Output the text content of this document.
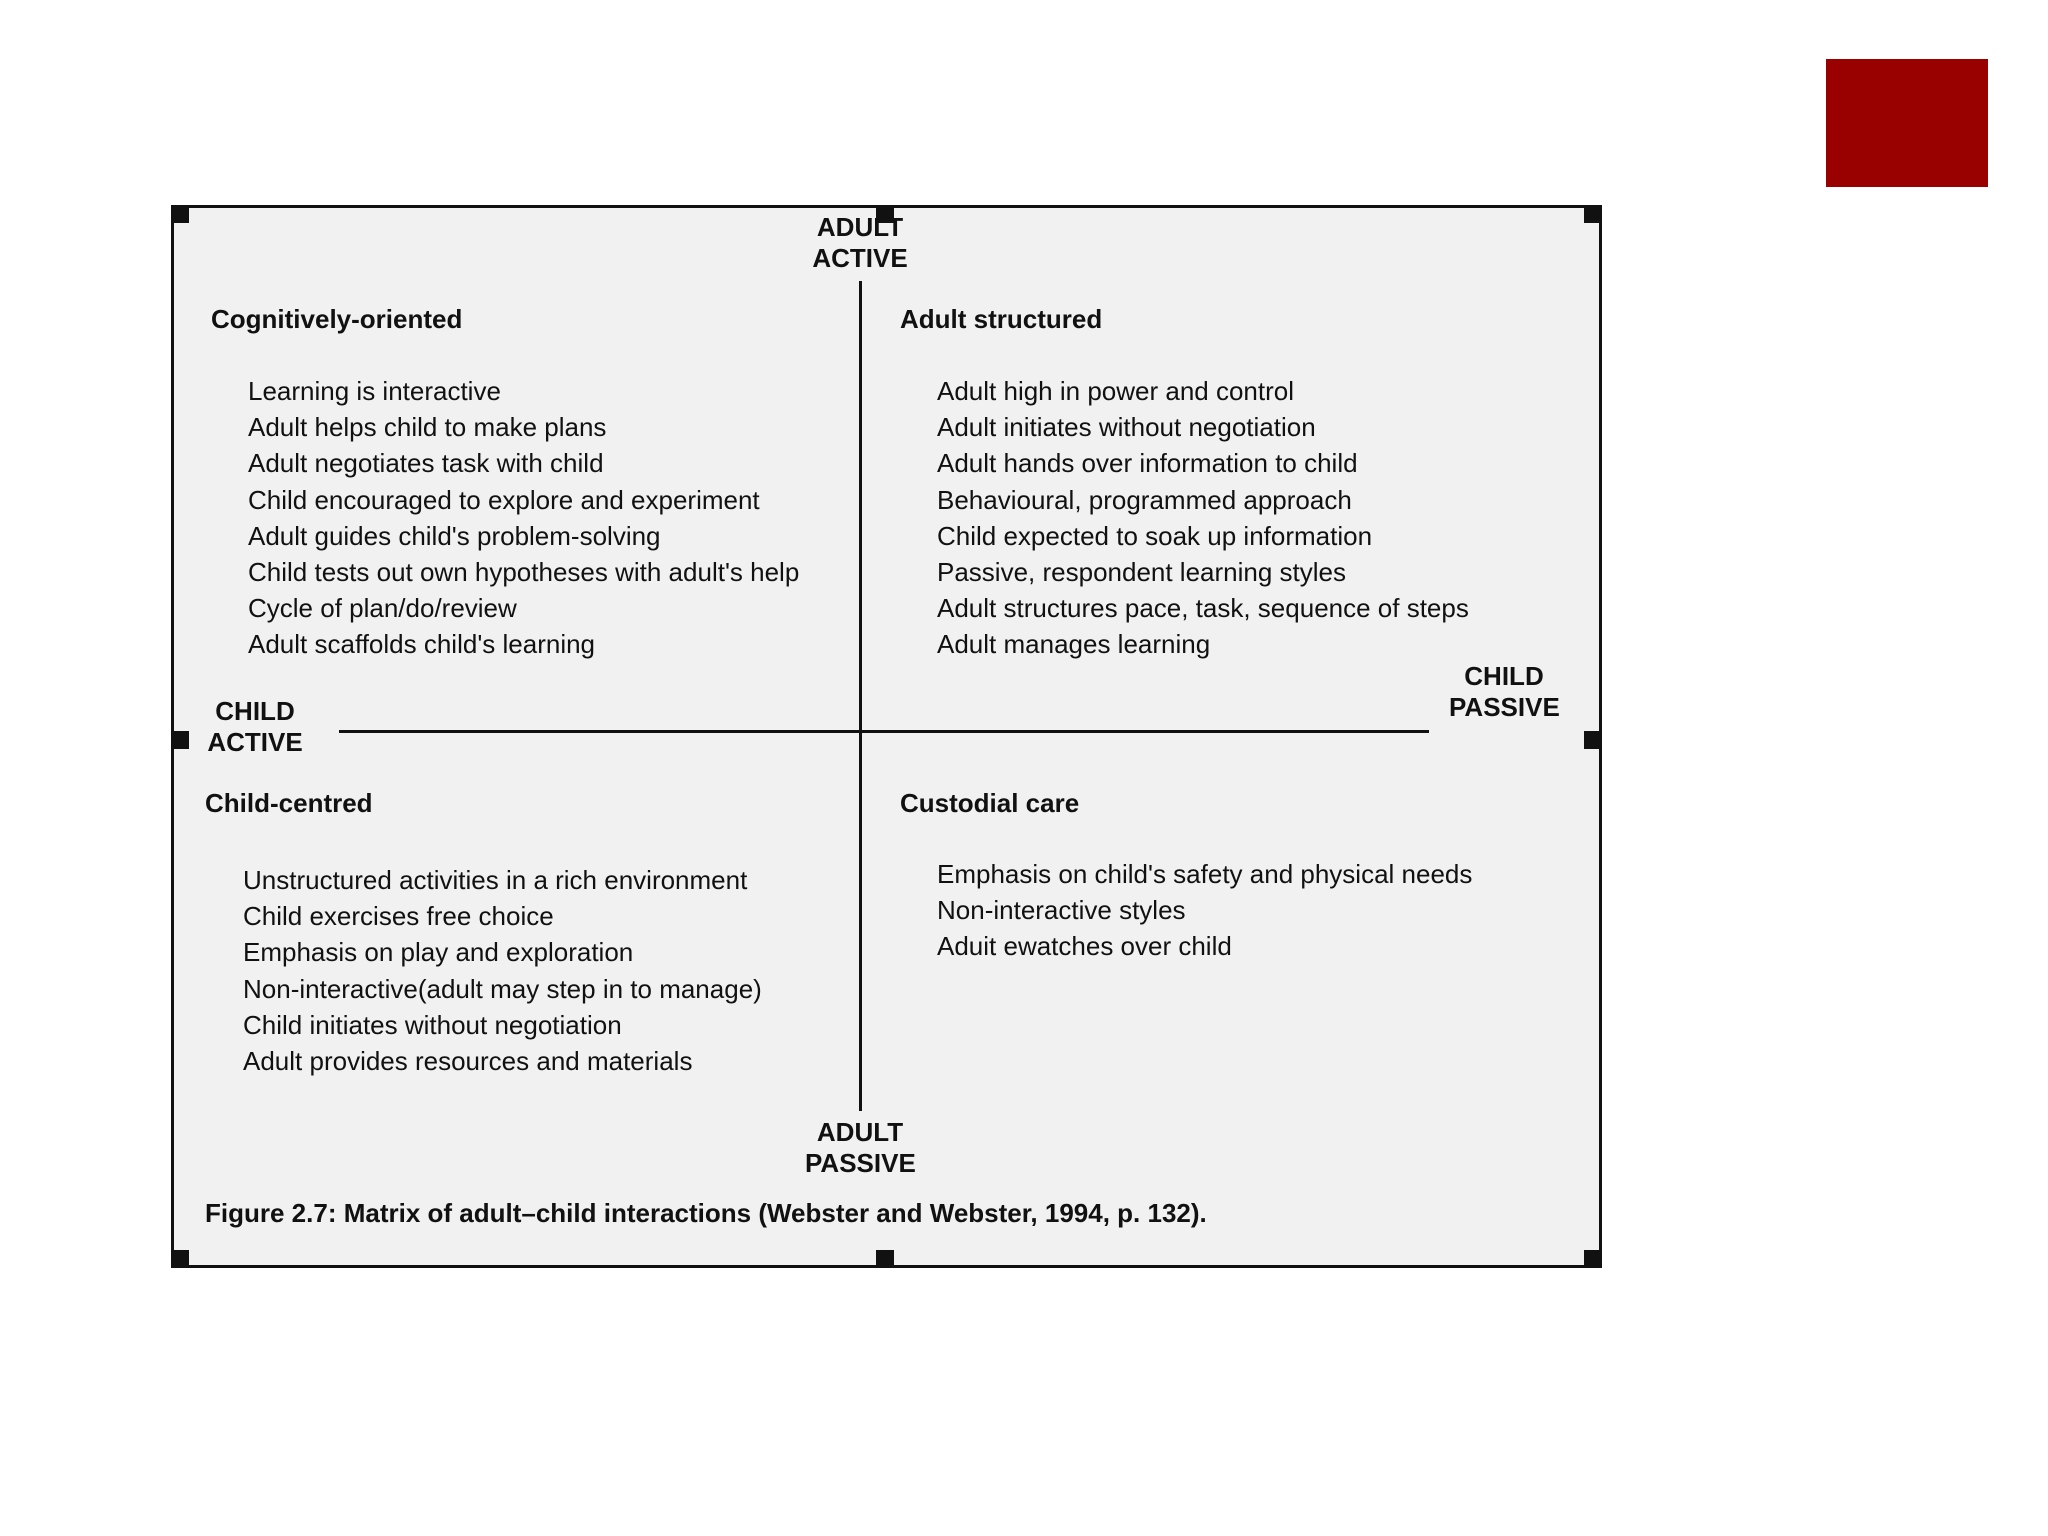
ADULT
ACTIVE
ADULT
PASSIVE
CHILD
ACTIVE
CHILD
PASSIVE
Cognitively-oriented
Learning is interactive
Adult helps child to make plans
Adult negotiates task with child
Child encouraged to explore and experiment
Adult guides child's problem-solving
Child tests out own hypotheses with adult's help
Cycle of plan/do/review
Adult scaffolds child's learning
Adult structured
Adult high in power and control
Adult initiates without negotiation
Adult hands over information to child
Behavioural, programmed approach
Child expected to soak up information
Passive, respondent learning styles
Adult structures pace, task, sequence of steps
Adult manages learning
Child-centred
Unstructured activities in a rich environment
Child exercises free choice
Emphasis on play and exploration
Non-interactive(adult may step in to manage)
Child initiates without negotiation
Adult provides resources and materials
Custodial care
Emphasis on child's safety and physical needs
Non-interactive styles
Aduit ewatches over child
Figure 2.7: Matrix of adult–child interactions (Webster and Webster, 1994, p. 132).
